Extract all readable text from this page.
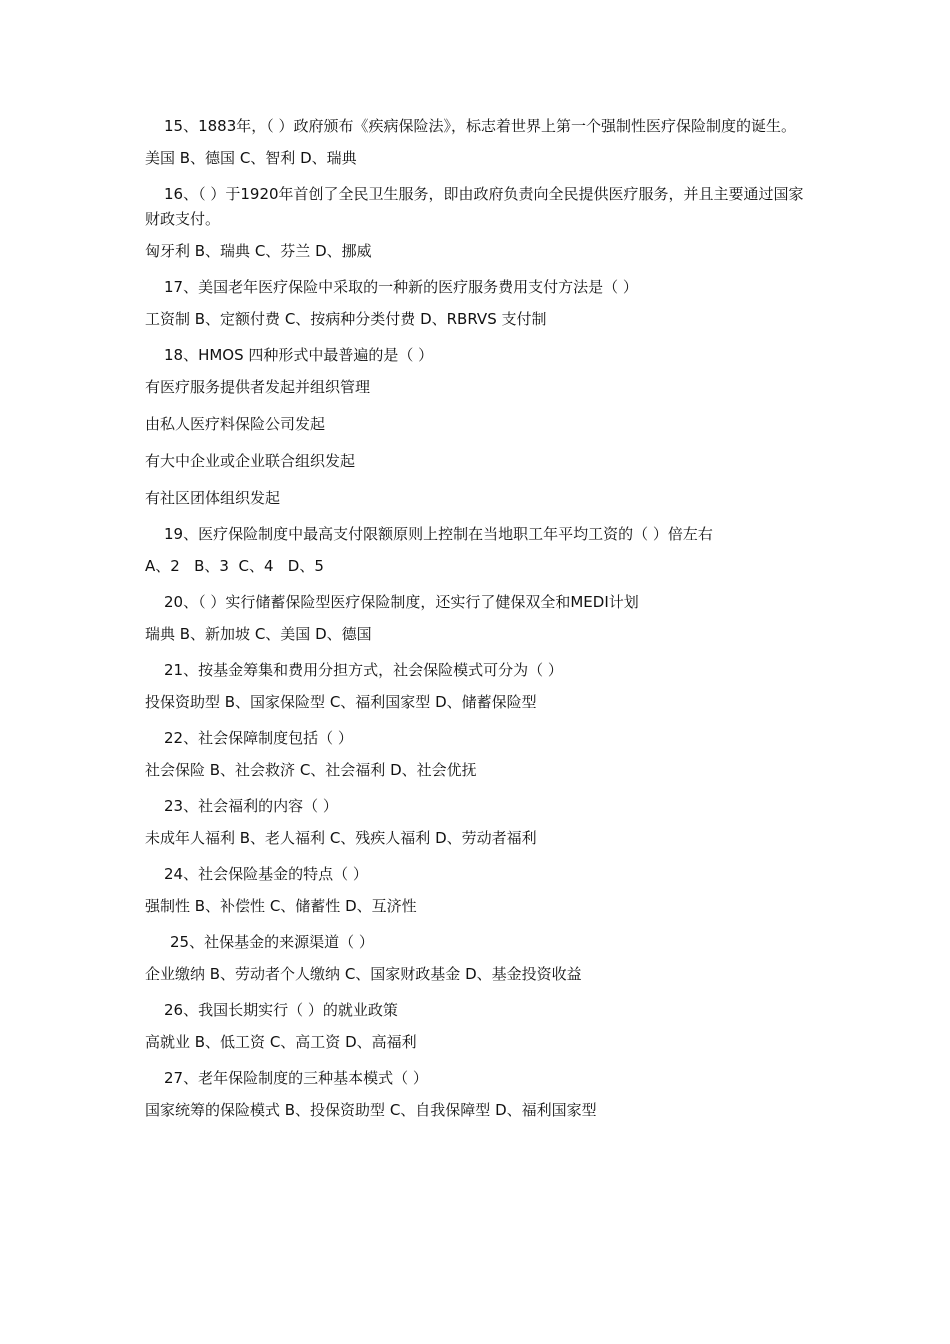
15、1883年，（ ）政府颁布《疾病保险法》，标志着世界上第一个强制性医疗保险制度的诞生。
美国 B、德国 C、智利 D、瑞典
16、（ ）于1920年首创了全民卫生服务，即由政府负责向全民提供医疗服务，并且主要通过国家财政支付。
匈牙利 B、瑞典 C、芬兰 D、挪威
17、美国老年医疗保险中采取的一种新的医疗服务费用支付方法是（ ）
工资制 B、定额付费 C、按病种分类付费 D、RBRVS 支付制
18、HMOS 四种形式中最普遍的是（ ）
有医疗服务提供者发起并组织管理
由私人医疗料保险公司发起
有大中企业或企业联合组织发起
有社区团体组织发起
19、医疗保险制度中最高支付限额原则上控制在当地职工年平均工资的（ ）倍左右
A、2   B、3  C、4   D、5
20、（ ）实行储蓄保险型医疗保险制度，还实行了健保双全和MEDI计划
瑞典 B、新加坡 C、美国 D、德国
21、按基金筹集和费用分担方式，社会保险模式可分为（ ）
投保资助型 B、国家保险型 C、福利国家型 D、储蓄保险型
22、社会保障制度包括（ ）
社会保险 B、社会救济 C、社会福利 D、社会优抚
23、社会福利的内容（ ）
未成年人福利 B、老人福利 C、残疾人福利 D、劳动者福利
24、社会保险基金的特点（ ）
强制性 B、补偿性 C、储蓄性 D、互济性
25、社保基金的来源渠道（ ）
企业缴纳 B、劳动者个人缴纳 C、国家财政基金 D、基金投资收益
26、我国长期实行（ ）的就业政策
高就业 B、低工资 C、高工资 D、高福利
27、老年保险制度的三种基本模式（ ）
国家统筹的保险模式 B、投保资助型 C、自我保障型 D、福利国家型
